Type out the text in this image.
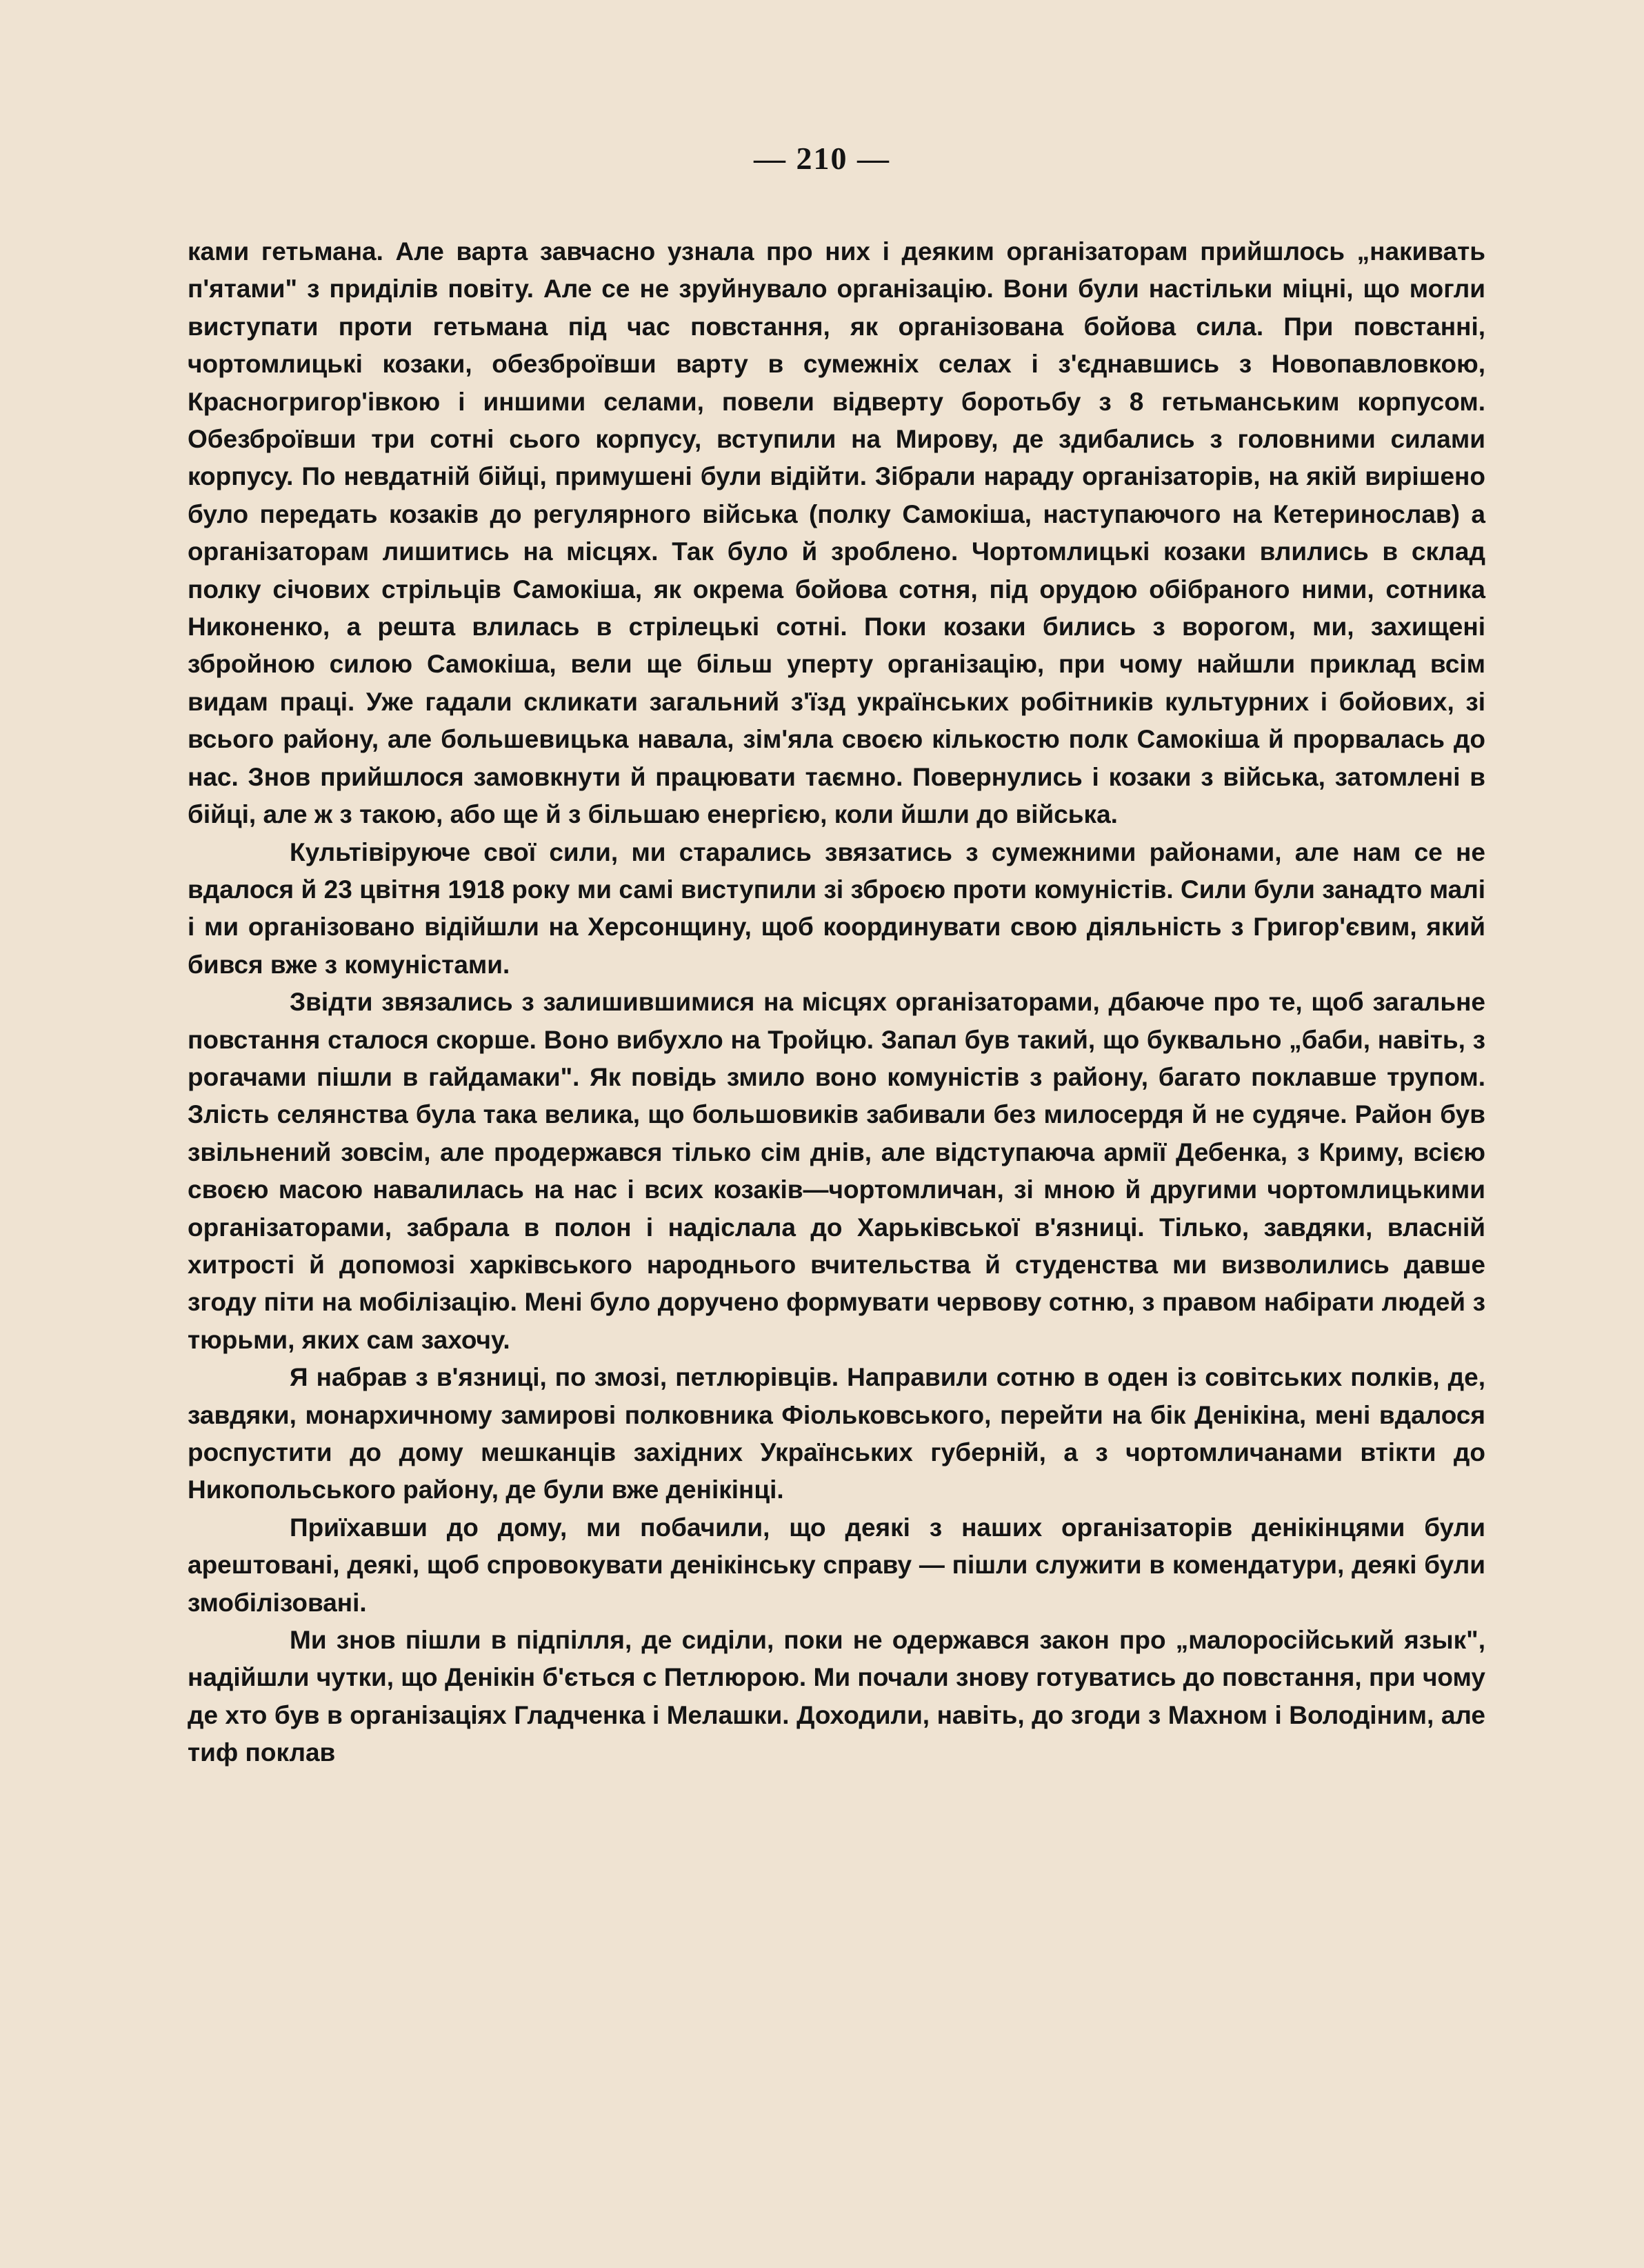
— 210 —

ками гетьмана. Але варта завчасно узнала про них і деяким організаторам прийшлось „накивать п'ятами" з приділів повіту. Але се не зруйнувало організацію. Вони були настільки міцні, що могли виступати проти гетьмана під час повстання, як організована бойова сила. При повстанні, чортомлицькі козаки, обезброївши варту в сумежніх селах і з'єднавшись з Новопавловкою, Красногригор'івкою і иншими селами, повели відверту боротьбу з 8 гетьманським корпусом. Обезброївши три сотні сього корпусу, вступили на Мирову, де здибались з головними силами корпусу. По невдатній бійці, примушені були відійти. Зібрали нараду організаторів, на якій вирішено було передать козаків до регулярного війська (полку Самокіша, наступаючого на Кетеринослав) а організаторам лишитись на місцях. Так було й зроблено. Чортомлицькі козаки влились в склад полку січових стрільців Самокіша, як окрема бойова сотня, під орудою обібраного ними, сотника Никоненко, а решта влилась в стрілецькі сотні. Поки козаки бились з ворогом, ми, захищені збройною силою Самокіша, вели ще більш уперту організацію, при чому найшли приклад всім видам праці. Уже гадали скликати загальний з'їзд українських робітників культурних і бойових, зі всього району, але большевицька навала, зім'яла своєю кількостю полк Самокіша й прорвалась до нас. Знов прийшлося замовкнути й працювати таємно. Повернулись і козаки з війська, затомлені в бійці, але ж з такою, або ще й з більшаю енергією, коли йшли до війська.

Культівіруюче свої сили, ми старались звязатись з сумежними районами, але нам се не вдалося й 23 цвітня 1918 року ми самі виступили зі зброєю проти комуністів. Сили були занадто малі і ми організовано відійшли на Херсонщину, щоб координувати свою діяльність з Григор'євим, який бився вже з комуністами.

Звідти звязались з залишившимися на місцях організаторами, дбаюче про те, щоб загальне повстання сталося скорше. Воно вибухло на Тройцю. Запал був такий, що буквально „баби, навіть, з рогачами пішли в гайдамаки". Як повідь змило воно комуністів з району, багато поклавше трупом. Злість селянства була така велика, що большовиків забивали без милосердя й не судяче. Район був звільнений зовсім, але продержався тілько сім днів, але відступаюча армії Дебенка, з Криму, всією своєю масою навалилась на нас і всих козаків—чортомличан, зі мною й другими чортомлицькими організаторами, забрала в полон і надіслала до Харьківської в'язниці. Тілько, завдяки, власній хитрості й допомозі харківського народнього вчительства й студенства ми визволились давше згоду піти на мобілізацію. Мені було доручено формувати червову сотню, з правом набірати людей з тюрьми, яких сам захочу.

Я набрав з в'язниці, по змозі, петлюрівців. Направили сотню в оден із совітських полків, де, завдяки, монархичному замирові полковника Фіольковського, перейти на бік Денікіна, мені вдалося роспустити до дому мешканців західних Українських губерній, а з чортомличанами втікти до Никопольського району, де були вже денікінці.

Приїхавши до дому, ми побачили, що деякі з наших організаторів денікінцями були арештовані, деякі, щоб спровокувати денікінську справу — пішли служити в комендатури, деякі були змобілізовані.

Ми знов пішли в підпілля, де сиділи, поки не одержався закон про „малоросійський язык", надійшли чутки, що Денікін б'ється с Петлюрою. Ми почали знову готуватись до повстання, при чому де хто був в організаціях Гладченка і Мелашки. Доходили, навіть, до згоди з Махном і Володіним, але тиф поклав
